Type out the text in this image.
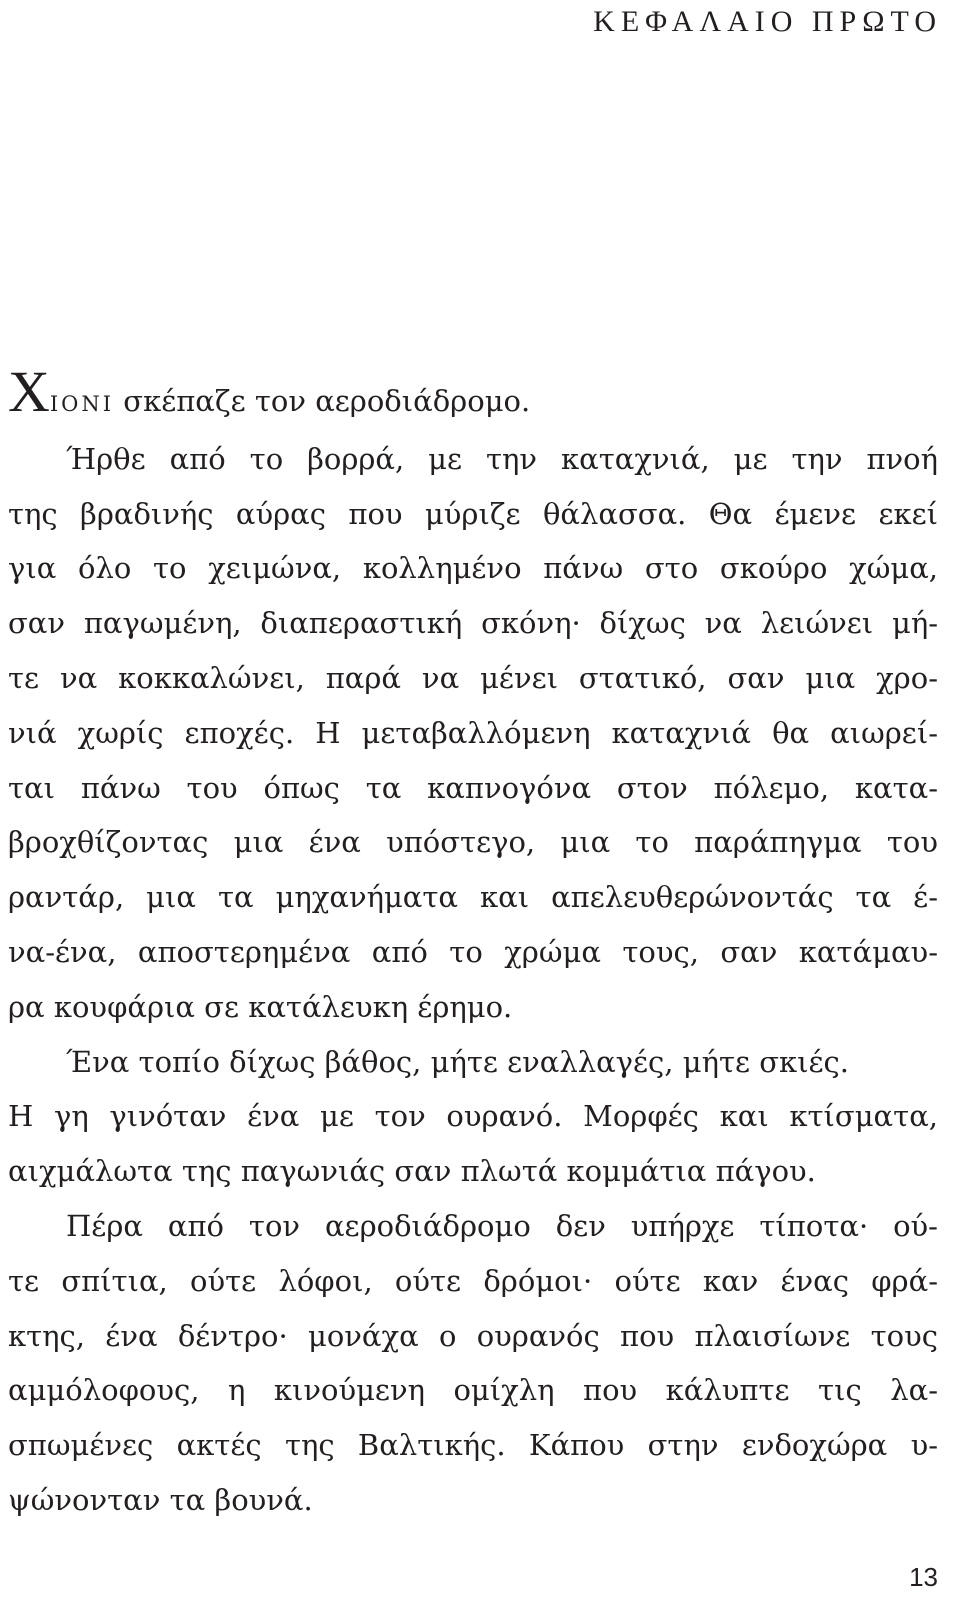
ΚΕΦΑΛΑΙΟ ΠΡΩΤΟ
ΧΙΟΝΙ σκέπαζε τον αεροδιάδρομο.
Ήρθε από το βορρά, με την καταχνιά, με την πνοή
της βραδινής αύρας που μύριζε θάλασσα. Θα έμενε εκεί
για όλο το χειμώνα, κολλημένο πάνω στο σκούρο χώμα,
σαν παγωμένη, διαπεραστική σκόνη· δίχως να λειώνει μή-
τε να κοκκαλώνει, παρά να μένει στατικό, σαν μια χρο-
νιά χωρίς εποχές. Η μεταβαλλόμενη καταχνιά θα αιωρεί-
ται πάνω του όπως τα καπνογόνα στον πόλεμο, κατα-
βροχθίζοντας μια ένα υπόστεγο, μια το παράπηγμα του
ραντάρ, μια τα μηχανήματα και απελευθερώνοντάς τα έ-
να-ένα, αποστερημένα από το χρώμα τους, σαν κατάμαυ-
ρα κουφάρια σε κατάλευκη έρημο.
Ένα τοπίο δίχως βάθος, μήτε εναλλαγές, μήτε σκιές.
Η γη γινόταν ένα με τον ουρανό. Μορφές και κτίσματα,
αιχμάλωτα της παγωνιάς σαν πλωτά κομμάτια πάγου.
Πέρα από τον αεροδιάδρομο δεν υπήρχε τίποτα· ού-
τε σπίτια, ούτε λόφοι, ούτε δρόμοι· ούτε καν ένας φρά-
κτης, ένα δέντρο· μονάχα ο ουρανός που πλαισίωνε τους
αμμόλοφους, η κινούμενη ομίχλη που κάλυπτε τις λα-
σπωμένες ακτές της Βαλτικής. Κάπου στην ενδοχώρα υ-
ψώνονταν τα βουνά.
13
